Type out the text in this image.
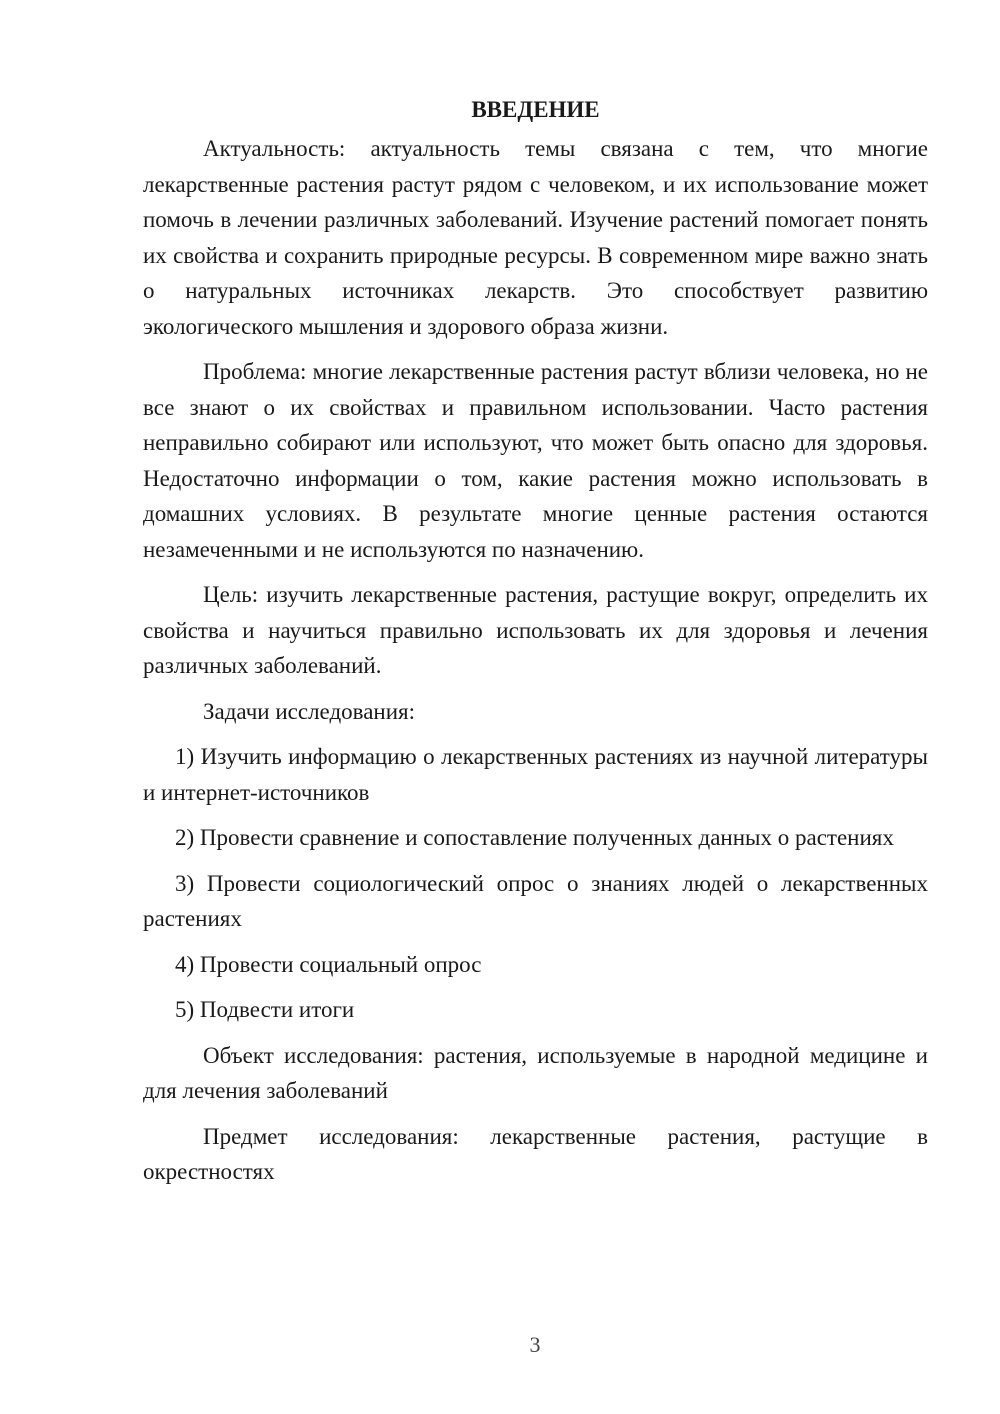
ВВЕДЕНИЕ

Актуальность: актуальность темы связана с тем, что многие лекарственные растения растут рядом с человеком, и их использование может помочь в лечении различных заболеваний. Изучение растений помогает понять их свойства и сохранить природные ресурсы. В современном мире важно знать о натуральных источниках лекарств. Это способствует развитию экологического мышления и здорового образа жизни.

Проблема: многие лекарственные растения растут вблизи человека, но не все знают о их свойствах и правильном использовании. Часто растения неправильно собирают или используют, что может быть опасно для здоровья. Недостаточно информации о том, какие растения можно использовать в домашних условиях. В результате многие ценные растения остаются незамеченными и не используются по назначению.

Цель: изучить лекарственные растения, растущие вокруг, определить их свойства и научиться правильно использовать их для здоровья и лечения различных заболеваний.

Задачи исследования:

1) Изучить информацию о лекарственных растениях из научной литературы и интернет-источников

2) Провести сравнение и сопоставление полученных данных о растениях

3) Провести социологический опрос о знаниях людей о лекарственных растениях

4) Провести социальный опрос

5) Подвести итоги

Объект исследования: растения, используемые в народной медицине и для лечения заболеваний

Предмет исследования: лекарственные растения, растущие в окрестностях

3
